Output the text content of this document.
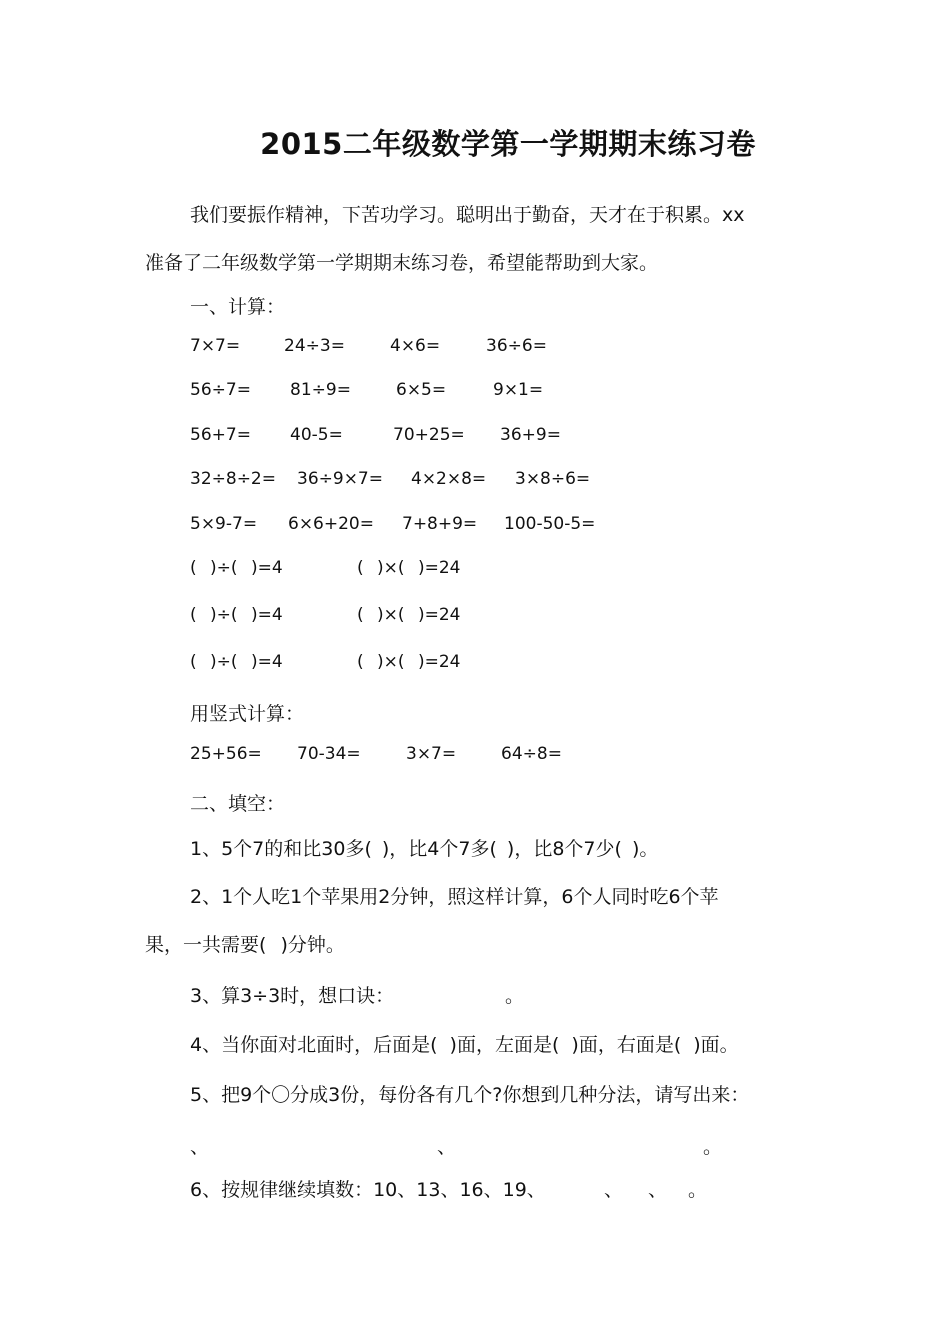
2015二年级数学第一学期期末练习卷
我们要振作精神，下苦功学习。聪明出于勤奋，天才在于积累。xx
准备了二年级数学第一学期期末练习卷，希望能帮助到大家。
一、计算：
7×7=	24÷3=	4×6=	36÷6=
56÷7= 81÷9=	6×5=	9×1=
56+7= 40-5=	70+25= 36+9=
32÷8÷2= 36÷9×7= 4×2×8= 3×8÷6=
5×9-7= 6×6+20= 7+8+9= 100-50-5=
( )÷( )=4	( )×( )=24
( )÷( )=4	( )×( )=24
( )÷( )=4	( )×( )=24
用竖式计算：
25+56= 70-34=	3×7=	64÷8=
二、填空：
1、5个7的和比30多( )，比4个7多( )，比8个7少( )。
2、1个人吃1个苹果用2分钟，照这样计算，6个人同时吃6个苹
果，一共需要( )分钟。
3、算3÷3时，想口诀：	。
4、当你面对北面时，后面是( )面，左面是( )面，右面是( )面。
5、把9个〇分成3份，每份各有几个?你想到几种分法，请写出来：
、	、	。
6、按规律继续填数：10、13、16、19、	、 、 。
